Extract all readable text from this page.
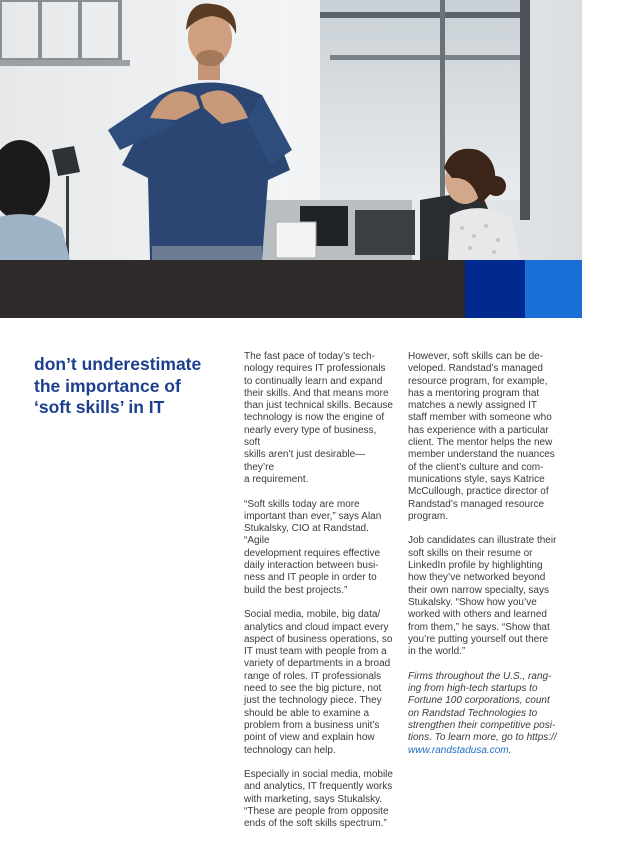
don’t underestimate
the importance of
‘soft skills’ in IT

The fast pace of today’s tech-
nology requires IT professionals
to continually learn and expand
their skills. And that means more
than just technical skills. Because
technology is now the engine of
nearly every type of business, soft
skills aren’t just desirable—they’re
a requirement.

“Soft skills today are more
important than ever,” says Alan
Stukalsky, CIO at Randstad. “Agile
development requires effective
daily interaction between busi-
ness and IT people in order to
build the best projects.”

Social media, mobile, big data/
analytics and cloud impact every
aspect of business operations, so
IT must team with people from a
variety of departments in a broad
range of roles. IT professionals
need to see the big picture, not
just the technology piece. They
should be able to examine a
problem from a business unit’s
point of view and explain how
technology can help.

Especially in social media, mobile
and analytics, IT frequently works
with marketing, says Stukalsky.
“These are people from opposite
ends of the soft skills spectrum.”

However, soft skills can be de-
veloped. Randstad’s managed
resource program, for example,
has a mentoring program that
matches a newly assigned IT
staff member with someone who
has experience with a particular
client. The mentor helps the new
member understand the nuances
of the client’s culture and com-
munications style, says Katrice
McCullough, practice director of
Randstad’s managed resource
program.

Job candidates can illustrate their
soft skills on their resume or
LinkedIn profile by highlighting
how they’ve networked beyond
their own narrow specialty, says
Stukalsky. “Show how you’ve
worked with others and learned
from them,” he says. “Show that
you’re putting yourself out there
in the world.”

Firms throughout the U.S., rang-
ing from high-tech startups to
Fortune 100 corporations, count
on Randstad Technologies to
strengthen their competitive posi-
tions. To learn more, go to https://
www.randstadusa.com.
